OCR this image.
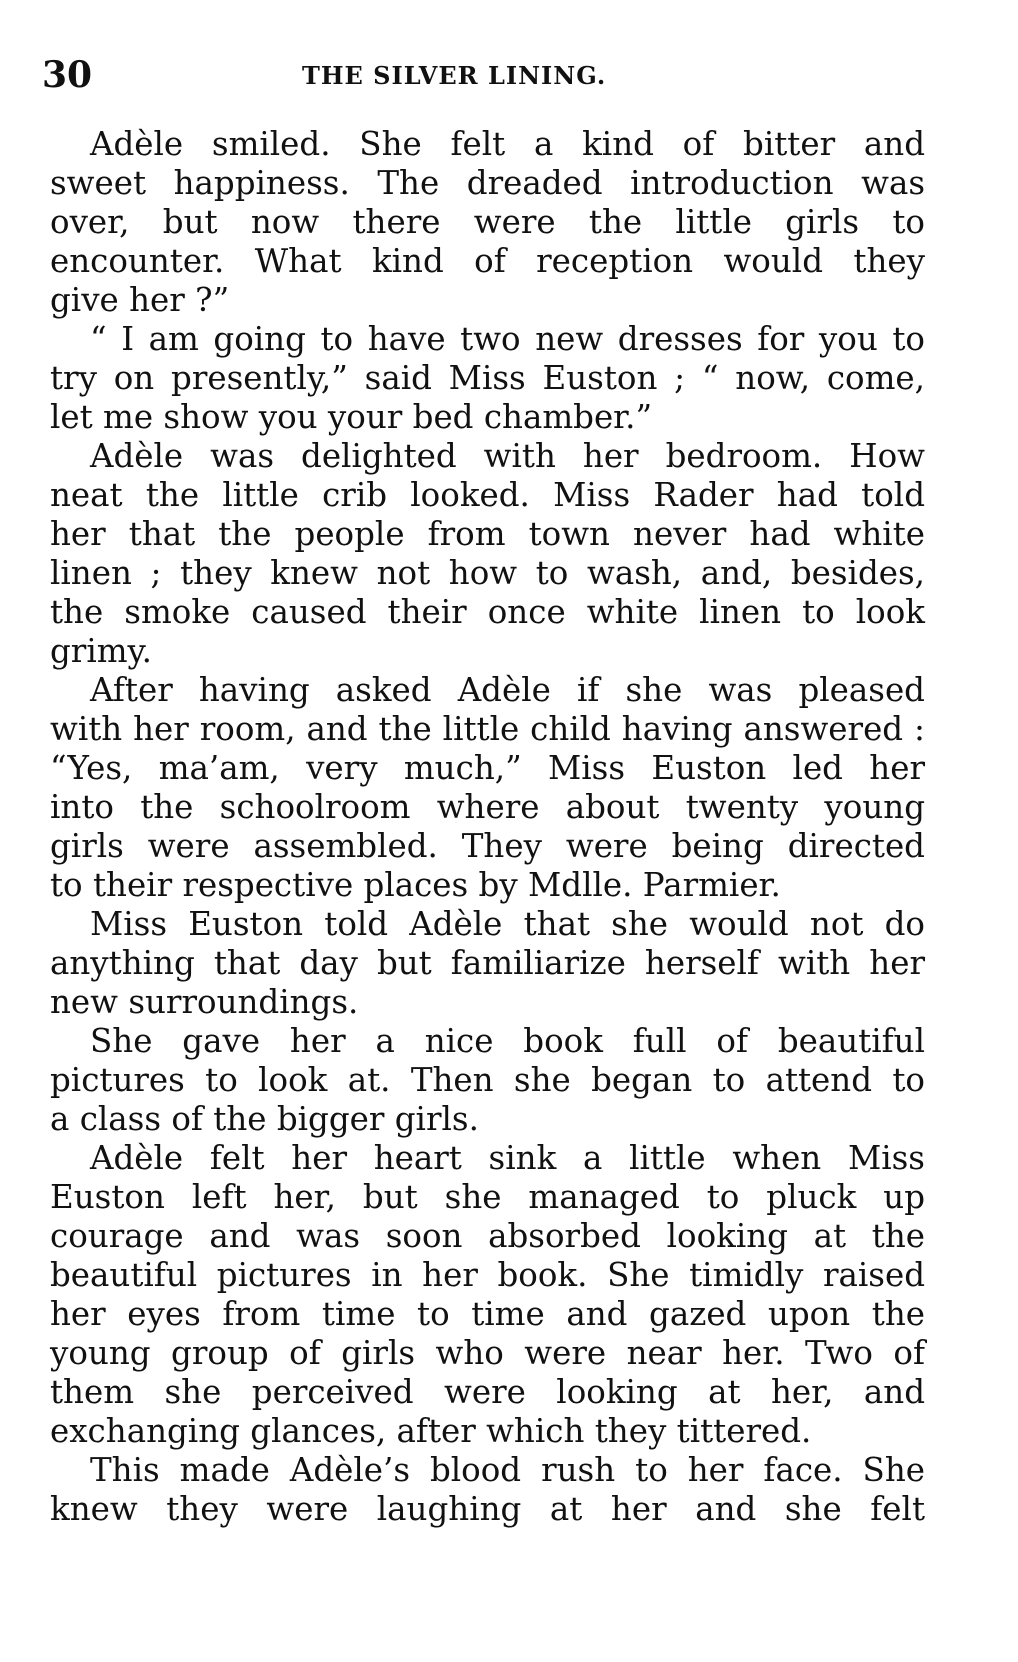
30	THE SILVER LINING.

Adèle smiled. She felt a kind of bitter and
sweet happiness. The dreaded introduction was
over, but now there were the little girls to
encounter. What kind of reception would they
give her ?”

“ I am going to have two new dresses for you to
try on presently,” said Miss Euston ; “ now, come,
let me show you your bed chamber.”

Adèle was delighted with her bedroom. How
neat the little crib looked. Miss Rader had told
her that the people from town never had white
linen ; they knew not how to wash, and, besides,
the smoke caused their once white linen to look
grimy.

After having asked Adèle if she was pleased
with her room, and the little child having answered :
“Yes, ma’am, very much,” Miss Euston led her
into the schoolroom where about twenty young
girls were assembled. They were being directed
to their respective places by Mdlle. Parmier.

Miss Euston told Adèle that she would not do
anything that day but familiarize herself with her
new surroundings.

She gave her a nice book full of beautiful
pictures to look at. Then she began to attend to
a class of the bigger girls.

Adèle felt her heart sink a little when Miss
Euston left her, but she managed to pluck up
courage and was soon absorbed looking at the
beautiful pictures in her book. She timidly raised
her eyes from time to time and gazed upon the
young group of girls who were near her. Two of
them she perceived were looking at her, and
exchanging glances, after which they tittered.

This made Adèle’s blood rush to her face. She
knew they were laughing at her and she felt
